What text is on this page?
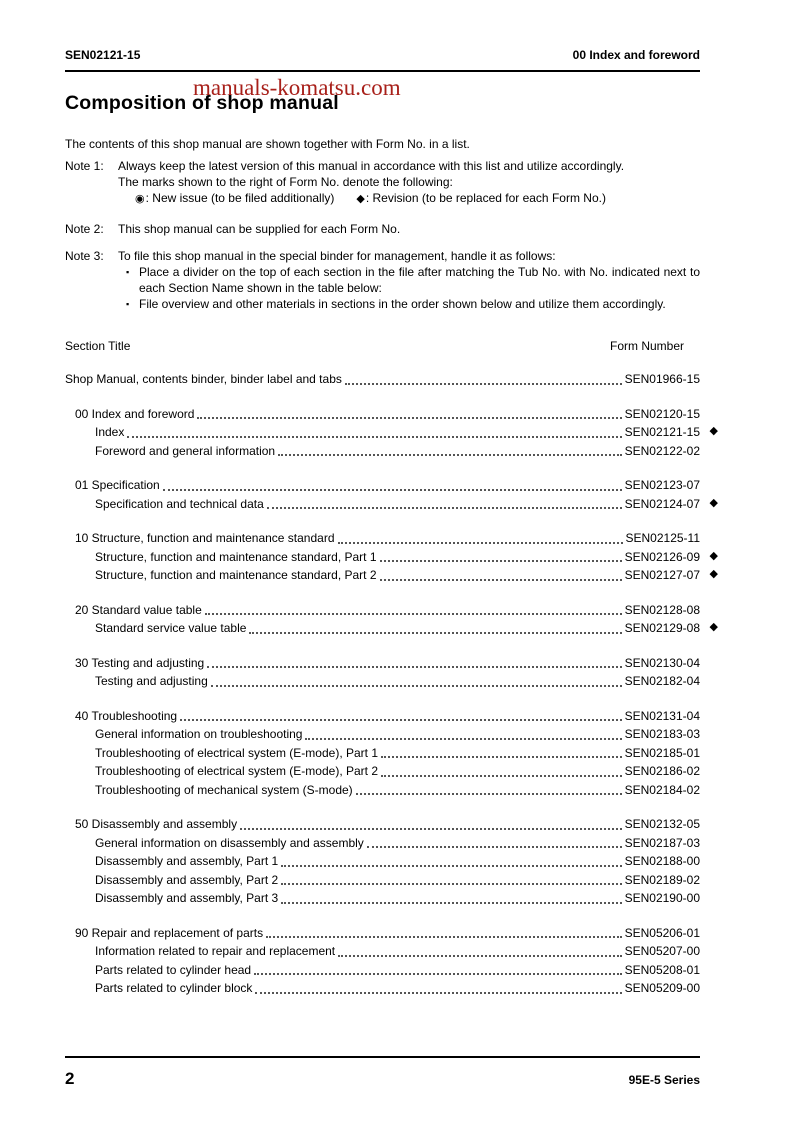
SEN02121-15	00 Index and foreword
Composition of shop manual
manuals-komatsu.com

The contents of this shop manual are shown together with Form No. in a list.

Note 1:	Always keep the latest version of this manual in accordance with this list and utilize accordingly.
The marks shown to the right of Form No. denote the following:
◉ : New issue (to be filed additionally) ◆ : Revision (to be replaced for each Form No.)
Note 2:	This shop manual can be supplied for each Form No.
Note 3:	To file this shop manual in the special binder for management, handle it as follows:
▪ Place a divider on the top of each section in the file after matching the Tub No. with No. indicated next to each Section Name shown in the table below:
▪ File overview and other materials in sections in the order shown below and utilize them accordingly.
Section Title	Form Number
Shop Manual, contents binder, binder label and tabs	SEN01966-15
00 Index and foreword	SEN02120-15
Index	SEN02121-15 ◆
Foreword and general information	SEN02122-02
01 Specification	SEN02123-07
Specification and technical data	SEN02124-07 ◆
10 Structure, function and maintenance standard	SEN02125-11
Structure, function and maintenance standard, Part 1	SEN02126-09 ◆
Structure, function and maintenance standard, Part 2	SEN02127-07 ◆
20 Standard value table	SEN02128-08
Standard service value table	SEN02129-08 ◆
30 Testing and adjusting	SEN02130-04
Testing and adjusting	SEN02182-04
40 Troubleshooting	SEN02131-04
General information on troubleshooting	SEN02183-03
Troubleshooting of electrical system (E-mode), Part 1	SEN02185-01
Troubleshooting of electrical system (E-mode), Part 2	SEN02186-02
Troubleshooting of mechanical system (S-mode)	SEN02184-02
50 Disassembly and assembly	SEN02132-05
General information on disassembly and assembly	SEN02187-03
Disassembly and assembly, Part 1	SEN02188-00
Disassembly and assembly, Part 2	SEN02189-02
Disassembly and assembly, Part 3	SEN02190-00
90 Repair and replacement of parts	SEN05206-01
Information related to repair and replacement	SEN05207-00
Parts related to cylinder head	SEN05208-01
Parts related to cylinder block	SEN05209-00
2	95E-5 Series
